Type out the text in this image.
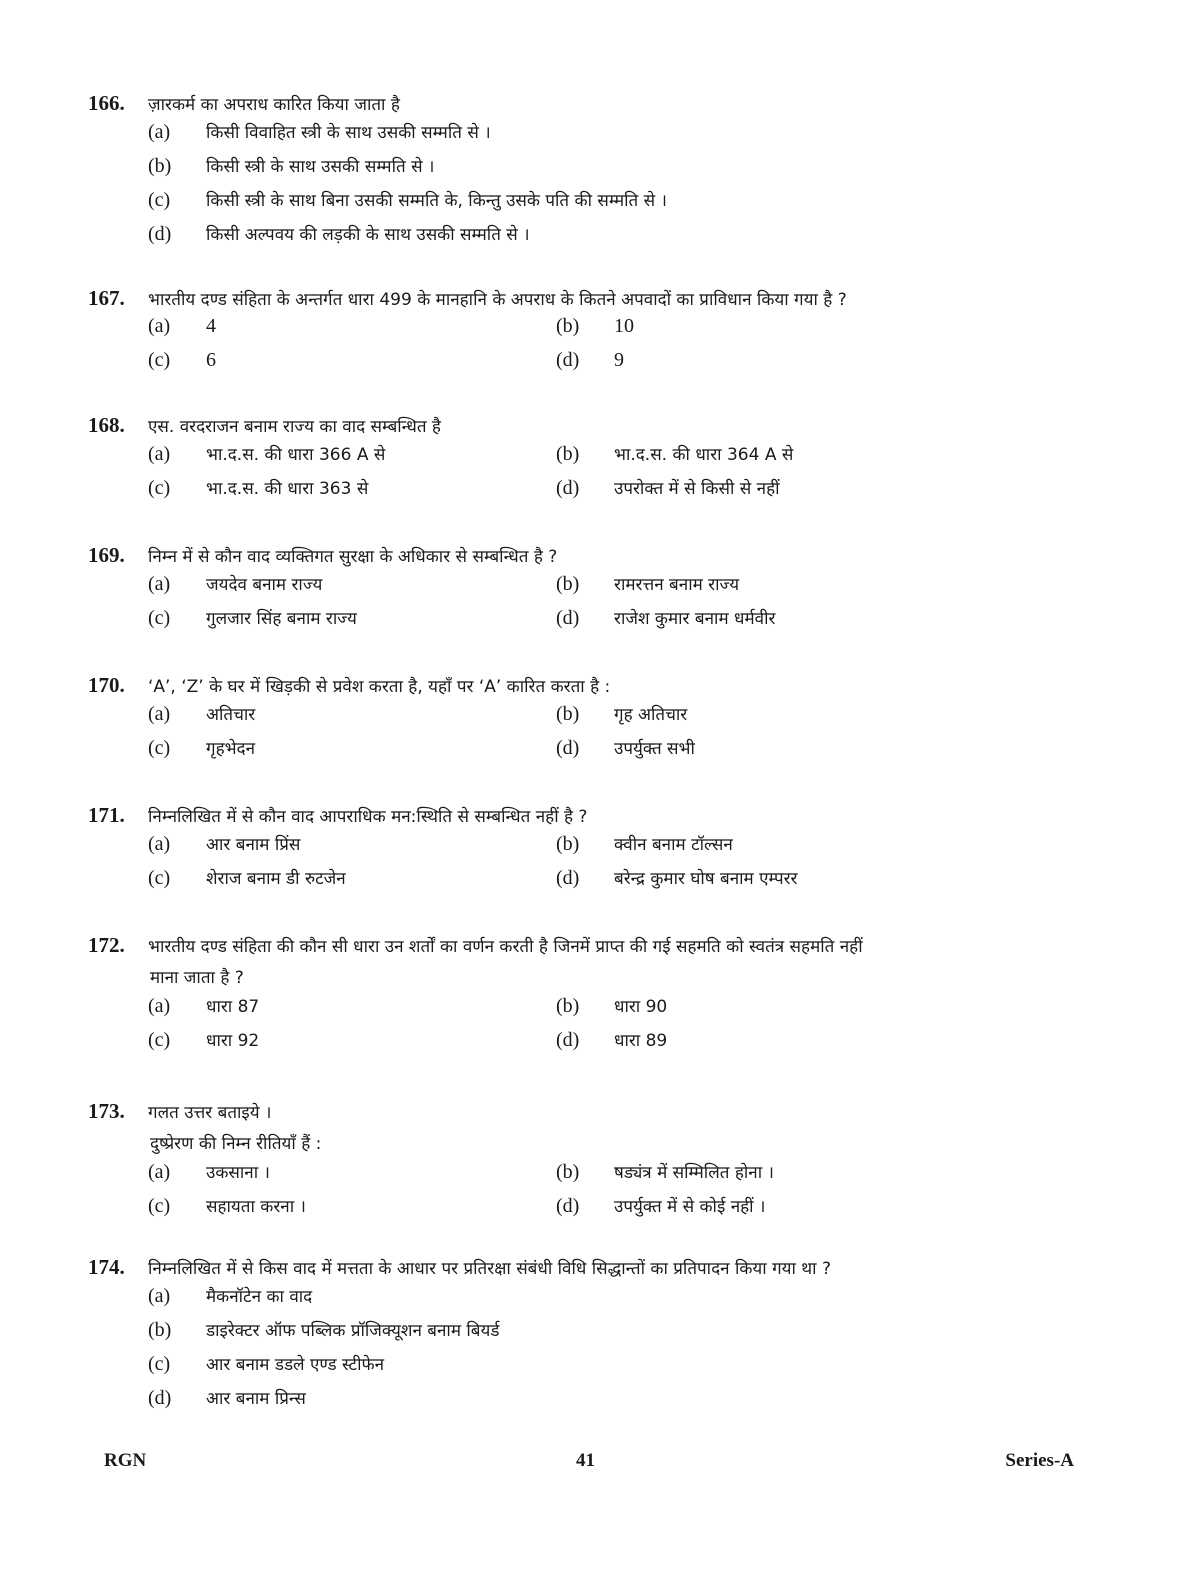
166.	ज़ारकर्म का अपराध कारित किया जाता है
(a)	किसी विवाहित स्त्री के साथ उसकी सम्मति से ।
(b)	किसी स्त्री के साथ उसकी सम्मति से ।
(c)	किसी स्त्री के साथ बिना उसकी सम्मति के, किन्तु उसके पति की सम्मति से ।
(d)	किसी अल्पवय की लड़की के साथ उसकी सम्मति से ।
167.	भारतीय दण्ड संहिता के अन्तर्गत धारा 499 के मानहानि के अपराध के कितने अपवादों का प्राविधान किया गया है ?
(a)	4	(b)	10
(c)	6	(d)	9
168.	एस. वरदराजन बनाम राज्य का वाद सम्बन्धित है
(a)	भा.द.स. की धारा 366 A से	(b)	भा.द.स. की धारा 364 A से
(c)	भा.द.स. की धारा 363 से	(d)	उपरोक्त में से किसी से नहीं
169.	निम्न में से कौन वाद व्यक्तिगत सुरक्षा के अधिकार से सम्बन्धित है ?
(a)	जयदेव बनाम राज्य	(b)	रामरत्तन बनाम राज्य
(c)	गुलजार सिंह बनाम राज्य	(d)	राजेश कुमार बनाम धर्मवीर
170.	‘A’, ‘Z’ के घर में खिड़की से प्रवेश करता है, यहाँ पर ‘A’ कारित करता है :
(a)	अतिचार	(b)	गृह अतिचार
(c)	गृहभेदन	(d)	उपर्युक्त सभी
171.	निम्नलिखित में से कौन वाद आपराधिक मन:स्थिति से सम्बन्धित नहीं है ?
(a)	आर बनाम प्रिंस	(b)	क्वीन बनाम टॉल्सन
(c)	शेराज बनाम डी रुटजेन	(d)	बरेन्द्र कुमार घोष बनाम एम्परर
172.	भारतीय दण्ड संहिता की कौन सी धारा उन शर्तों का वर्णन करती है जिनमें प्राप्त की गई सहमति को स्वतंत्र सहमति नहीं
माना जाता है ?
(a)	धारा 87	(b)	धारा 90
(c)	धारा 92	(d)	धारा 89
173.	गलत उत्तर बताइये ।
दुष्प्रेरण की निम्न रीतियाँ हैं :
(a)	उकसाना ।	(b)	षड्यंत्र में सम्मिलित होना ।
(c)	सहायता करना ।	(d)	उपर्युक्त में से कोई नहीं ।
174.	निम्नलिखित में से किस वाद में मत्तता के आधार पर प्रतिरक्षा संबंधी विधि सिद्धान्तों का प्रतिपादन किया गया था ?
(a)	मैकनॉटेन का वाद
(b)	डाइरेक्टर ऑफ पब्लिक प्रॉजिक्यूशन बनाम बियर्ड
(c)	आर बनाम डडले एण्ड स्टीफेन
(d)	आर बनाम प्रिन्स
RGN	41	Series-A
